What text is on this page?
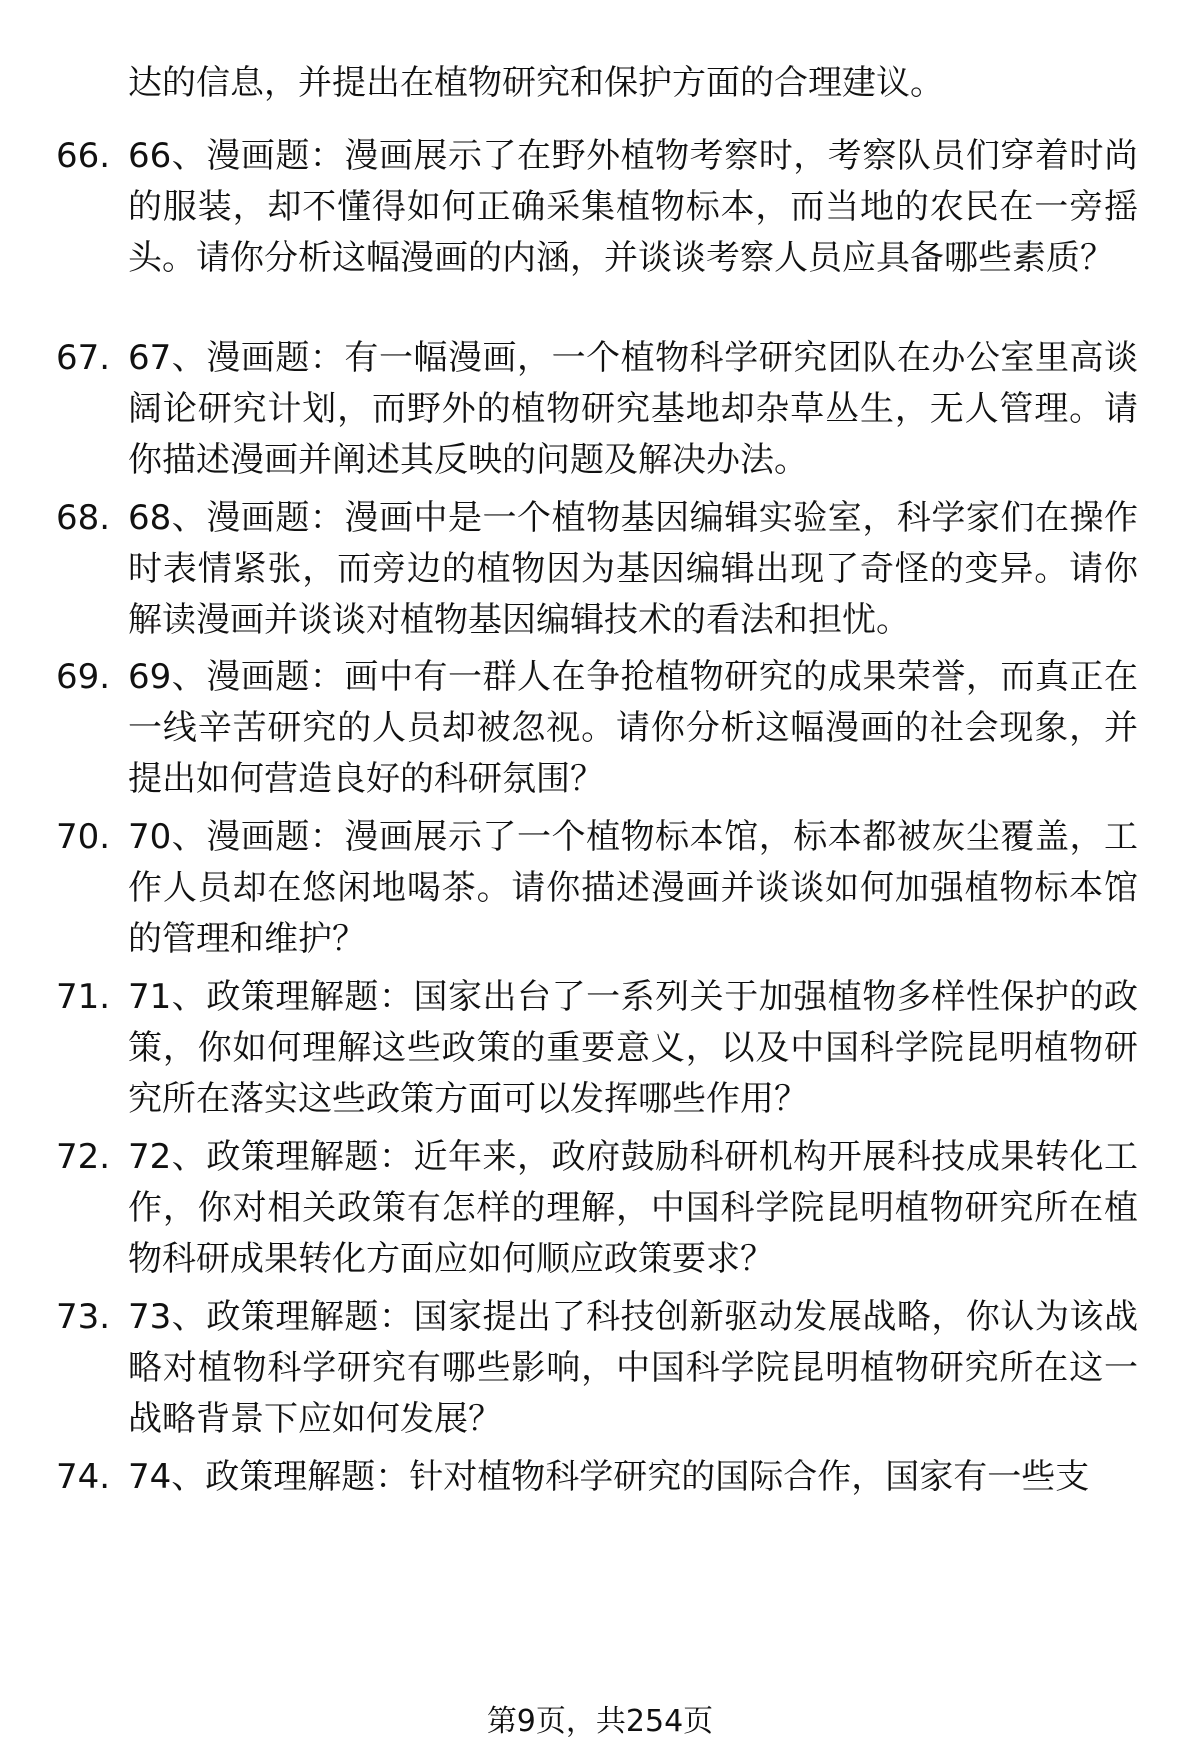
达的信息，并提出在植物研究和保护方面的合理建议。
66. 66、漫画题：漫画展示了在野外植物考察时，考察队员们穿着时尚的服装，却不懂得如何正确采集植物标本，而当地的农民在一旁摇头。请你分析这幅漫画的内涵，并谈谈考察人员应具备哪些素质？
67. 67、漫画题：有一幅漫画，一个植物科学研究团队在办公室里高谈阔论研究计划，而野外的植物研究基地却杂草丛生，无人管理。请你描述漫画并阐述其反映的问题及解决办法。
68. 68、漫画题：漫画中是一个植物基因编辑实验室，科学家们在操作时表情紧张，而旁边的植物因为基因编辑出现了奇怪的变异。请你解读漫画并谈谈对植物基因编辑技术的看法和担忧。
69. 69、漫画题：画中有一群人在争抢植物研究的成果荣誉，而真正在一线辛苦研究的人员却被忽视。请你分析这幅漫画的社会现象，并提出如何营造良好的科研氛围？
70. 70、漫画题：漫画展示了一个植物标本馆，标本都被灰尘覆盖，工作人员却在悠闲地喝茶。请你描述漫画并谈谈如何加强植物标本馆的管理和维护？
71. 71、政策理解题：国家出台了一系列关于加强植物多样性保护的政策，你如何理解这些政策的重要意义，以及中国科学院昆明植物研究所在落实这些政策方面可以发挥哪些作用？
72. 72、政策理解题：近年来，政府鼓励科研机构开展科技成果转化工作，你对相关政策有怎样的理解，中国科学院昆明植物研究所在植物科研成果转化方面应如何顺应政策要求？
73. 73、政策理解题：国家提出了科技创新驱动发展战略，你认为该战略对植物科学研究有哪些影响，中国科学院昆明植物研究所在这一战略背景下应如何发展？
74. 74、政策理解题：针对植物科学研究的国际合作，国家有一些支
第9页，共254页
